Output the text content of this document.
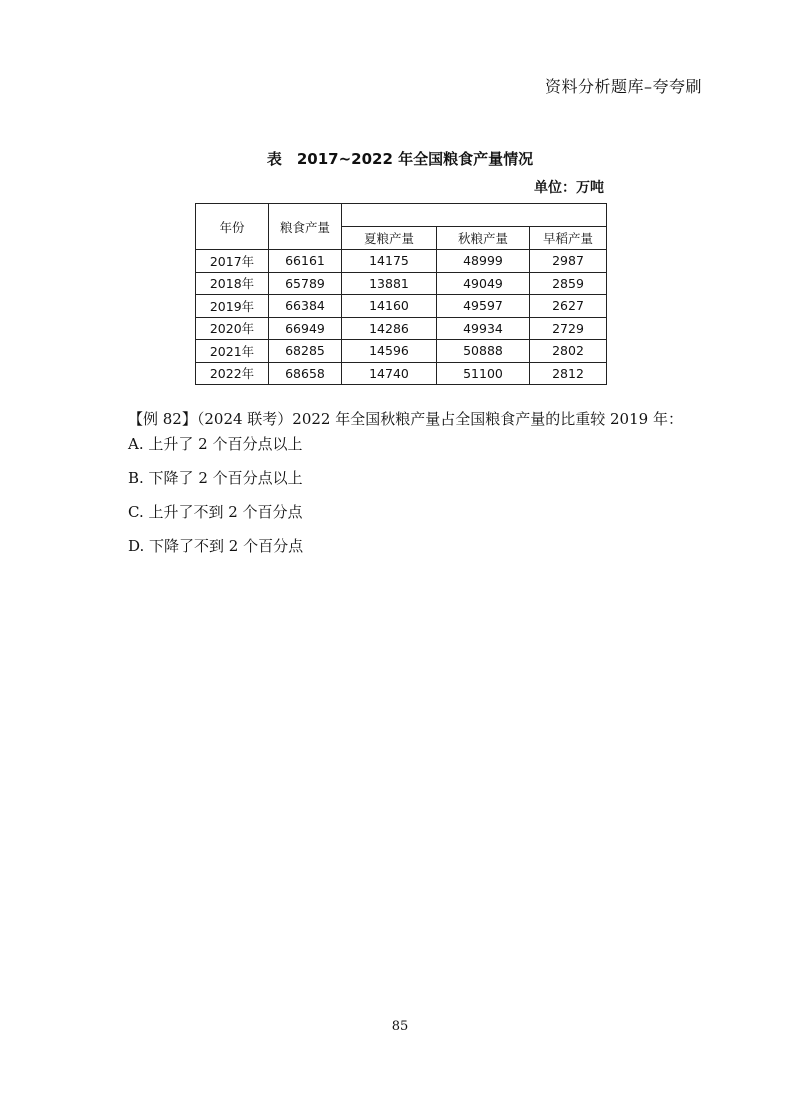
资料分析题库–夸夸刷
表　2017~2022 年全国粮食产量情况
单位：万吨
年份	粮食产量			
		夏粮产量	秋粮产量	早稻产量
2017年	66161	14175	48999	2987
2018年	65789	13881	49049	2859
2019年	66384	14160	49597	2627
2020年	66949	14286	49934	2729
2021年	68285	14596	50888	2802
2022年	68658	14740	51100	2812
【例 82】（2024 联考）2022 年全国秋粮产量占全国粮食产量的比重较 2019 年：
A. 上升了 2 个百分点以上
B. 下降了 2 个百分点以上
C. 上升了不到 2 个百分点
D. 下降了不到 2 个百分点
85
